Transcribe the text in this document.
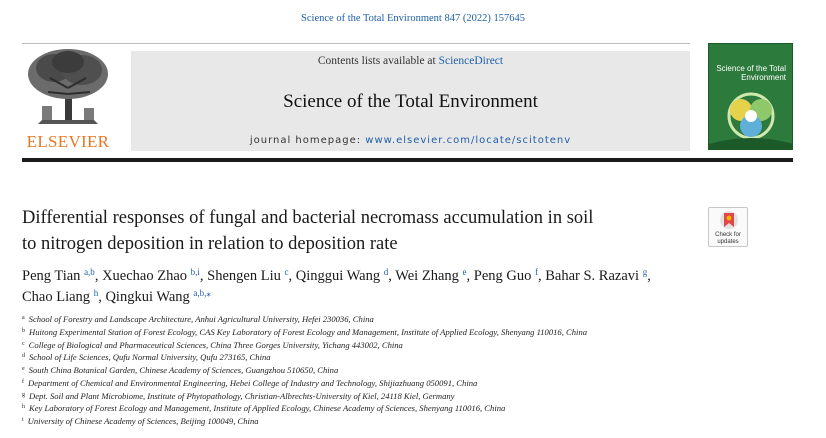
Science of the Total Environment 847 (2022) 157645
ELSEVIER
Contents lists available at ScienceDirect
Science of the Total Environment
journal homepage: www.elsevier.com/locate/scitotenv
Science of the Total Environment
Differential responses of fungal and bacterial necromass accumulation in soil
to nitrogen deposition in relation to deposition rate	Check for
updates
Peng Tian $^{a,b}$, Xuechao Zhao $^{b,i}$, Shengen Liu $^c$, Qinggui Wang $^d$, Wei Zhang $^e$, Peng Guo $^f$, Bahar S. Razavi $^g$,
Chao Liang $^h$, Qingkui Wang $^{a,b,⁎}$
$^a$ School of Forestry and Landscape Architecture, Anhui Agricultural University, Hefei 230036, China
$^b$ Huitong Experimental Station of Forest Ecology, CAS Key Laboratory of Forest Ecology and Management, Institute of Applied Ecology, Shenyang 110016, China
$^c$ College of Biological and Pharmaceutical Sciences, China Three Gorges University, Yichang 443002, China
$^d$ School of Life Sciences, Qufu Normal University, Qufu 273165, China
$^e$ South China Botanical Garden, Chinese Academy of Sciences, Guangzhou 510650, China
$^f$ Department of Chemical and Environmental Engineering, Hebei College of Industry and Technology, Shijiazhuang 050091, China
$^g$ Dept. Soil and Plant Microbiome, Institute of Phytopathology, Christian-Albrechts-University of Kiel, 24118 Kiel, Germany
$^h$ Key Laboratory of Forest Ecology and Management, Institute of Applied Ecology, Chinese Academy of Sciences, Shenyang 110016, China
$^i$ University of Chinese Academy of Sciences, Beijing 100049, China
